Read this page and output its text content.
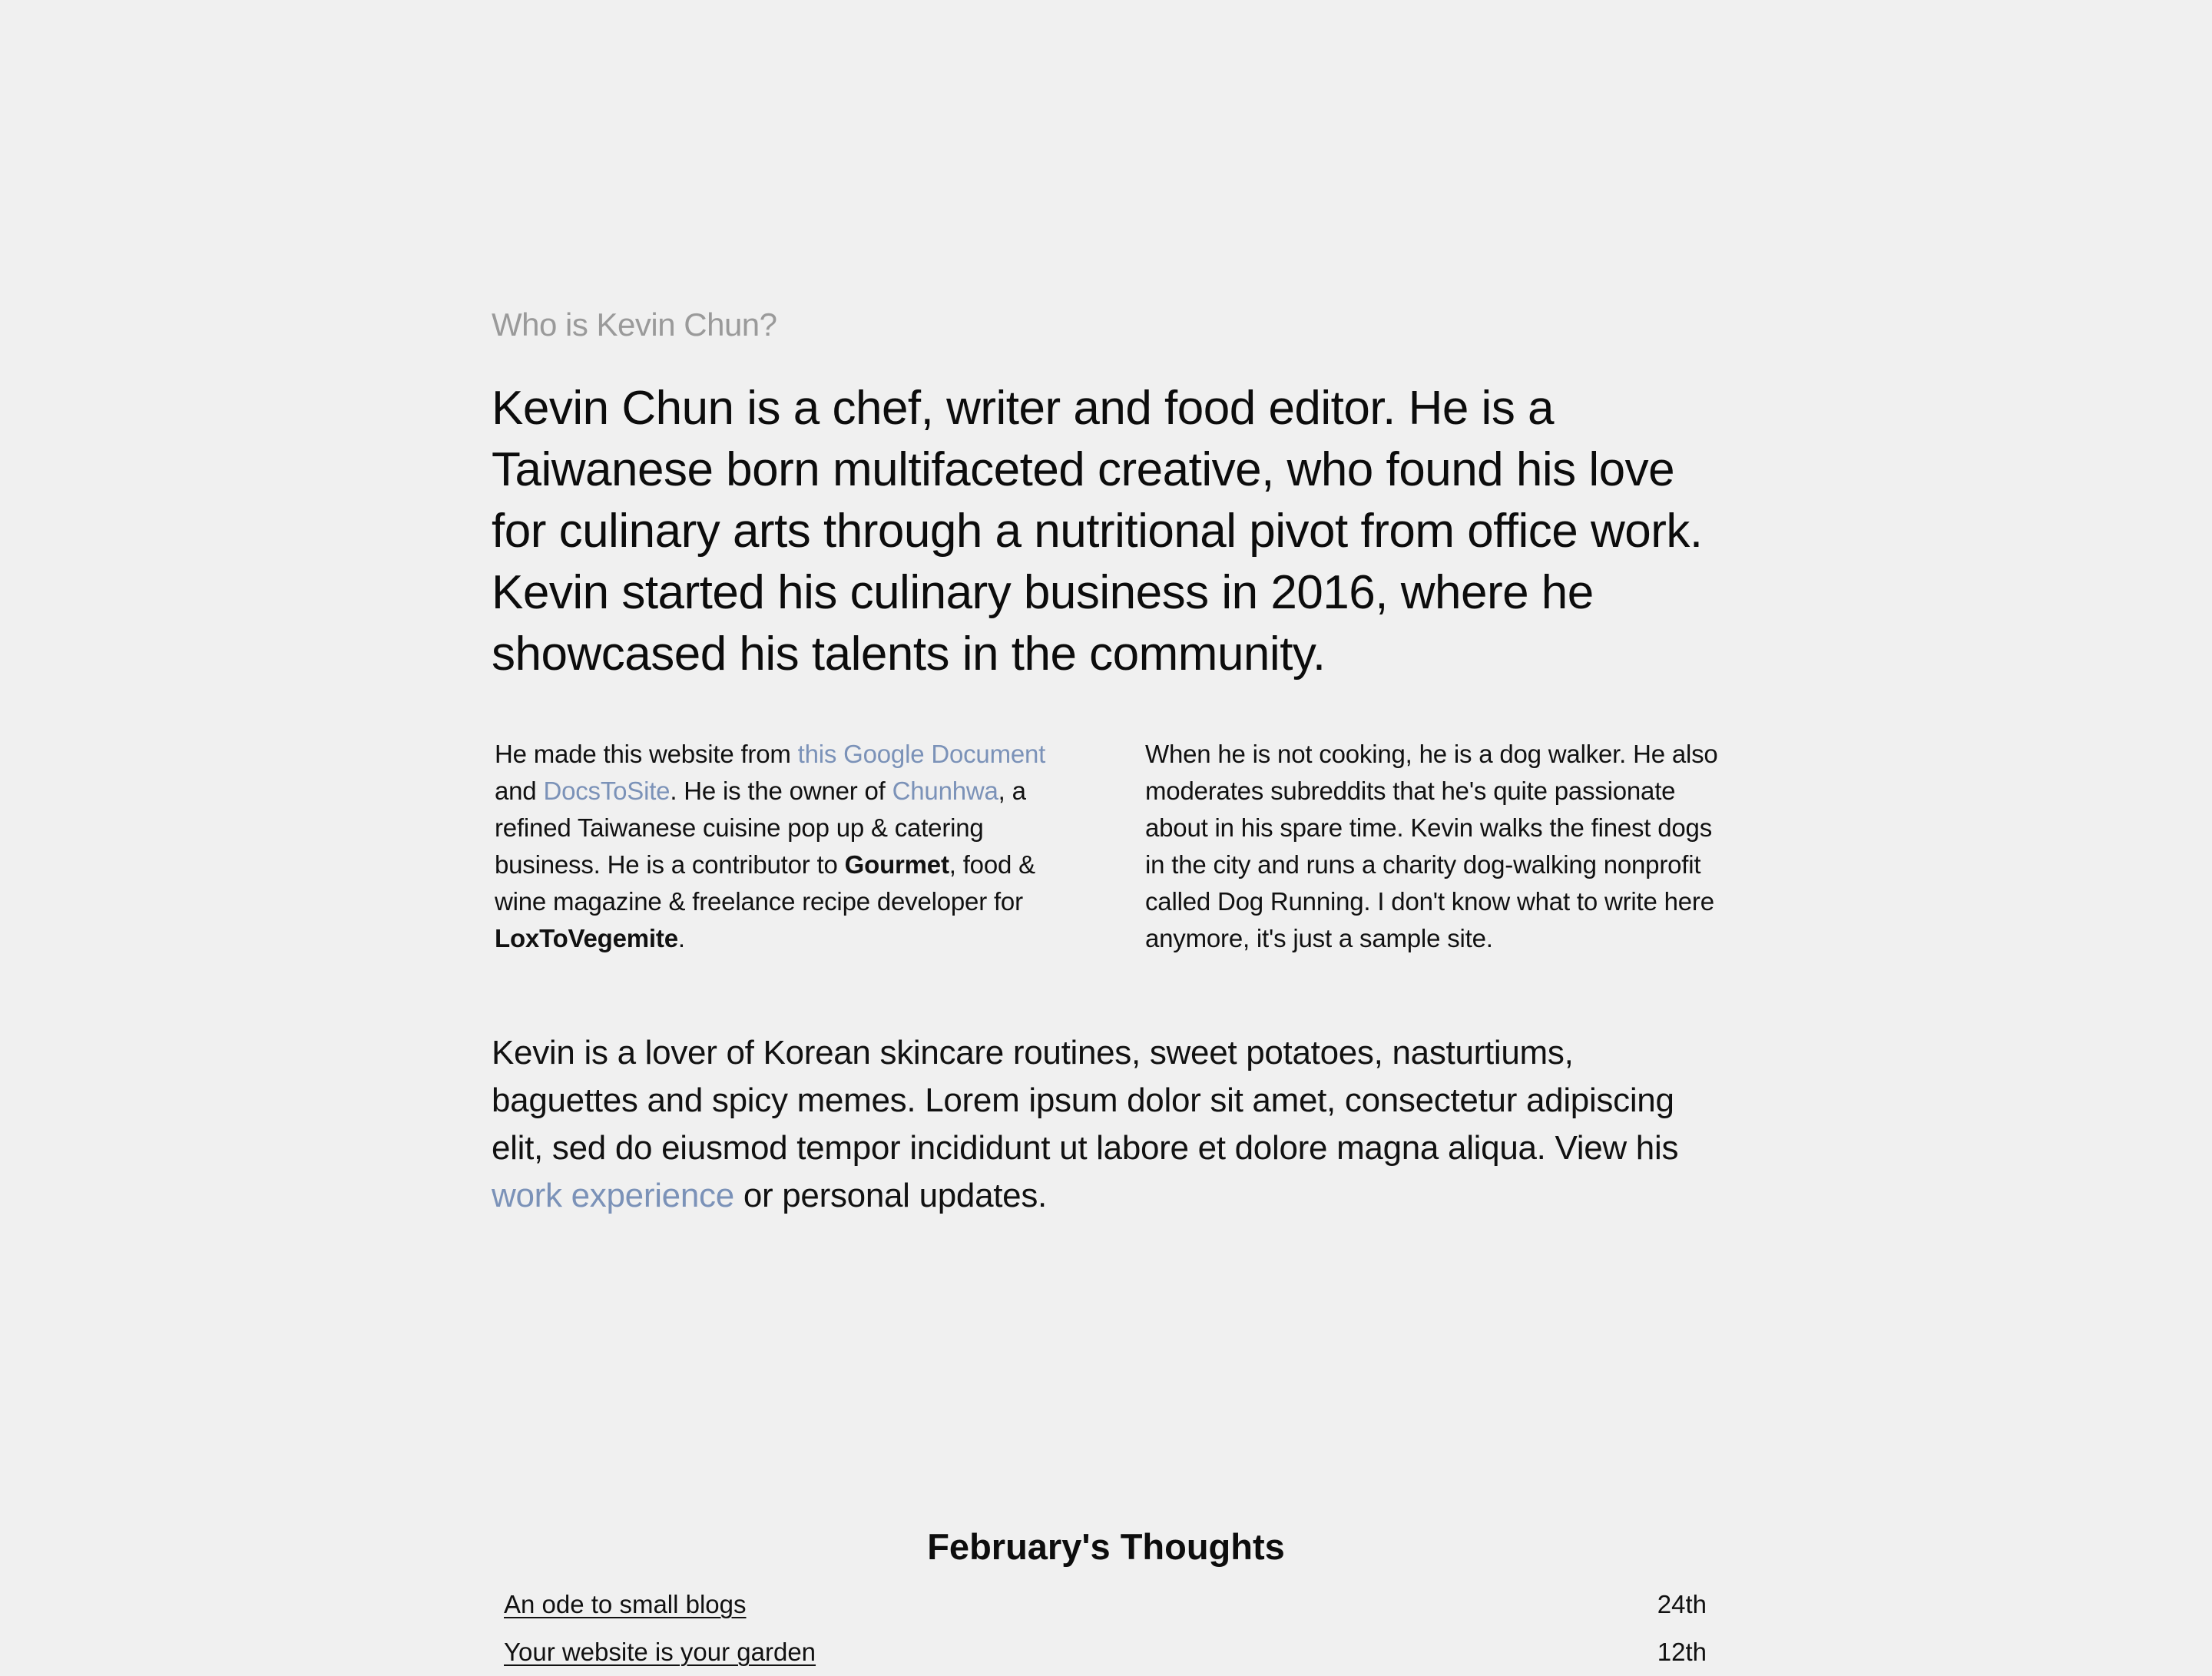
Who is Kevin Chun?
Kevin Chun is a chef, writer and food editor. He is a Taiwanese born multifaceted creative, who found his love for culinary arts through a nutritional pivot from office work. Kevin started his culinary business in 2016, where he showcased his talents in the community.

He made this website from this Google Document and DocsToSite. He is the owner of Chunhwa, a refined Taiwanese cuisine pop up & catering business. He is a contributor to Gourmet, food & wine magazine & freelance recipe developer for LoxToVegemite.

When he is not cooking, he is a dog walker. He also moderates subreddits that he's quite passionate about in his spare time. Kevin walks the finest dogs in the city and runs a charity dog-walking nonprofit called Dog Running. I don't know what to write here anymore, it's just a sample site.

Kevin is a lover of Korean skincare routines, sweet potatoes, nasturtiums, baguettes and spicy memes. Lorem ipsum dolor sit amet, consectetur adipiscing elit, sed do eiusmod tempor incididunt ut labore et dolore magna aliqua. View his work experience or personal updates.

February's Thoughts
An ode to small blogs	24th
Your website is your garden	12th
